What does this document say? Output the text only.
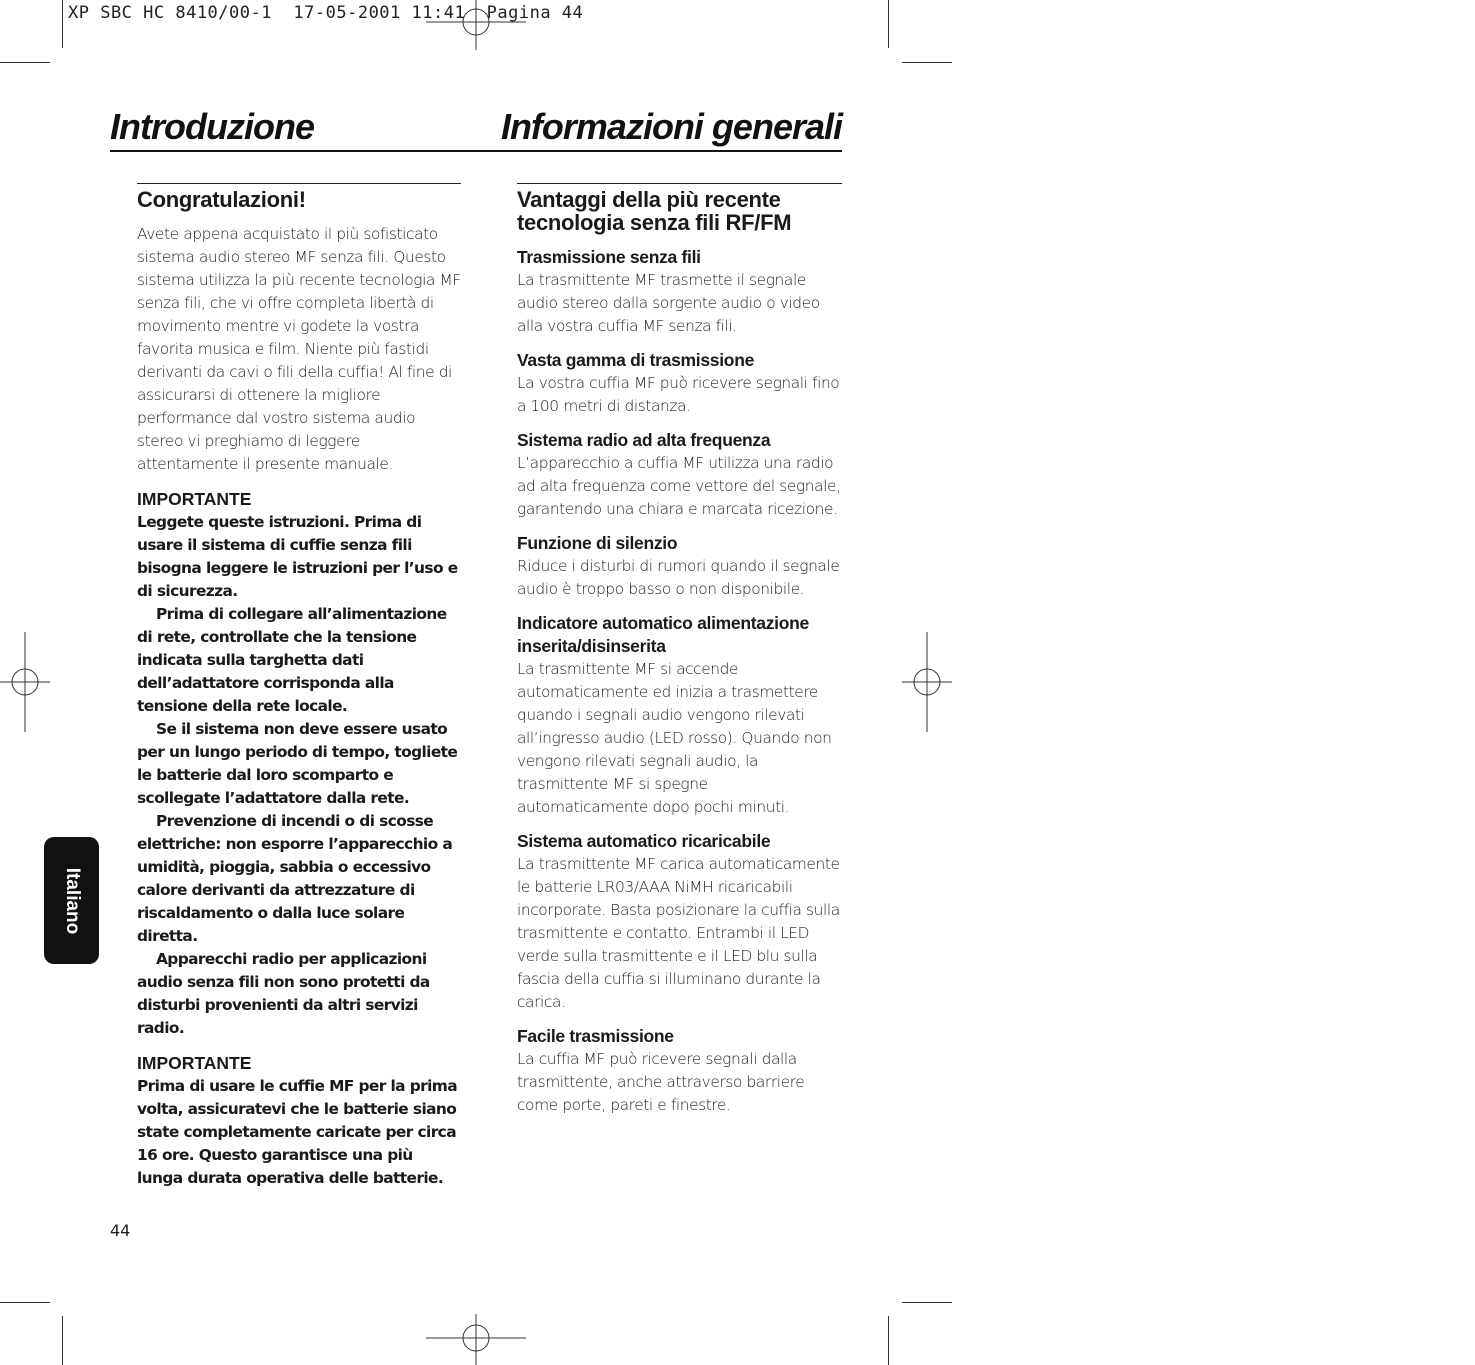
XP SBC HC 8410/00-1  17-05-2001 11:41  Pagina 44
Introduzione	Informazioni generali
Congratulazioni!

Avete appena acquistato il più sofisticato sistema audio stereo MF senza fili. Questo sistema utilizza la più recente tecnologia MF senza fili, che vi offre completa libertà di movimento mentre vi godete la vostra favorita musica e film. Niente più fastidi derivanti da cavi o fili della cuffia! Al fine di assicurarsi di ottenere la migliore performance dal vostro sistema audio stereo vi preghiamo di leggere attentamente il presente manuale.

IMPORTANTE

Leggete queste istruzioni. Prima di usare il sistema di cuffie senza fili bisogna leggere le istruzioni per l’uso e di sicurezza.

Prima di collegare all’alimentazione di rete, controllate che la tensione indicata sulla targhetta dati dell’adattatore corrisponda alla tensione della rete locale.

Se il sistema non deve essere usato per un lungo periodo di tempo, togliete le batterie dal loro scomparto e scollegate l’adattatore dalla rete.

Prevenzione di incendi o di scosse elettriche: non esporre l’apparecchio a umidità, pioggia, sabbia o eccessivo calore derivanti da attrezzature di riscaldamento o dalla luce solare diretta.

Apparecchi radio per applicazioni audio senza fili non sono protetti da disturbi provenienti da altri servizi radio.

IMPORTANTE

Prima di usare le cuffie MF per la prima volta, assicuratevi che le batterie siano state completamente caricate per circa 16 ore. Questo garantisce una più lunga durata operativa delle batterie.

Vantaggi della più recente tecnologia senza fili RF/FM
Trasmissione senza fili

La trasmittente MF trasmette il segnale audio stereo dalla sorgente audio o video alla vostra cuffia MF senza fili.

Vasta gamma di trasmissione

La vostra cuffia MF può ricevere segnali fino a 100 metri di distanza.

Sistema radio ad alta frequenza

L’apparecchio a cuffia MF utilizza una radio ad alta frequenza come vettore del segnale, garantendo una chiara e marcata ricezione.

Funzione di silenzio

Riduce i disturbi di rumori quando il segnale audio è troppo basso o non disponibile.

Indicatore automatico alimentazione inserita/disinserita

La trasmittente MF si accende automaticamente ed inizia a trasmettere quando i segnali audio vengono rilevati all’ingresso audio (LED rosso). Quando non vengono rilevati segnali audio, la trasmittente MF si spegne automaticamente dopo pochi minuti.

Sistema automatico ricaricabile

La trasmittente MF carica automaticamente le batterie LR03/AAA NiMH ricaricabili incorporate. Basta posizionare la cuffia sulla trasmittente e contatto. Entrambi il LED verde sulla trasmittente e il LED blu sulla fascia della cuffia si illuminano durante la carica.

Facile trasmissione

La cuffia MF può ricevere segnali dalla trasmittente, anche attraverso barriere come porte, pareti e finestre.

Italiano
44
